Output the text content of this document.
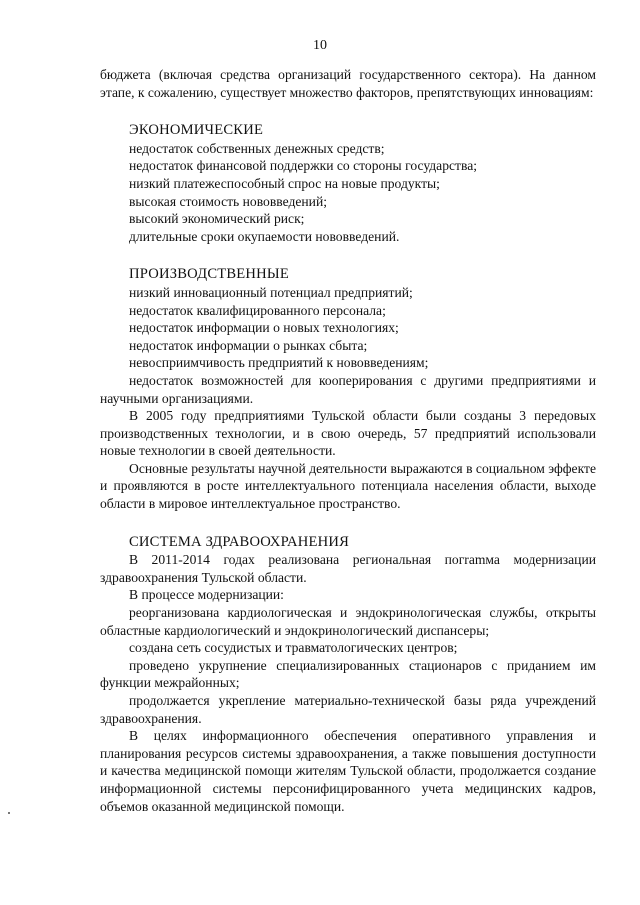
10

бюджета (включая средства организаций государственного сектора). На данном этапе, к сожалению, существует множество факторов, препятствующих инновациям:

ЭКОНОМИЧЕСКИЕ

недостаток собственных денежных средств;

недостаток финансовой поддержки со стороны государства;

низкий платежеспособный спрос на новые продукты;

высокая стоимость нововведений;

высокий экономический риск;

длительные сроки окупаемости нововведений.

ПРОИЗВОДСТВЕННЫЕ

низкий инновационный потенциал предприятий;

недостаток квалифицированного персонала;

недостаток информации о новых технологиях;

недостаток информации о рынках сбыта;

невосприимчивость предприятий к нововведениям;

недостаток возможностей для кооперирования с другими предприятиями и научными организациями.

В 2005 году предприятиями Тульской области были созданы 3 передовых производственных технологии, и в свою очередь, 57 предприятий использовали новые технологии в своей деятельности.

Основные результаты научной деятельности выражаются в социальном эффекте и проявляются в росте интеллектуального потенциала населения области, выходе области в мировое интеллектуальное пространство.

СИСТЕМА ЗДРАВООХРАНЕНИЯ

В 2011-2014 годах реализована региональная погramма модернизации здравоохранения Тульской области.

В процессе модернизации:

реорганизована кардиологическая и эндокринологическая службы, открыты областные кардиологический и эндокринологический диспансеры;

создана сеть сосудистых и травматологических центров;

проведено укрупнение специализированных стационаров с приданием им функции межрайонных;

продолжается укрепление материально-технической базы ряда учреждений здравоохранения.

В целях информационного обеспечения оперативного управления и планирования ресурсов системы здравоохранения, а также повышения доступности и качества медицинской помощи жителям Тульской области, продолжается создание информационной системы персонифицированного учета медицинских кадров, объемов оказанной медицинской помощи.
